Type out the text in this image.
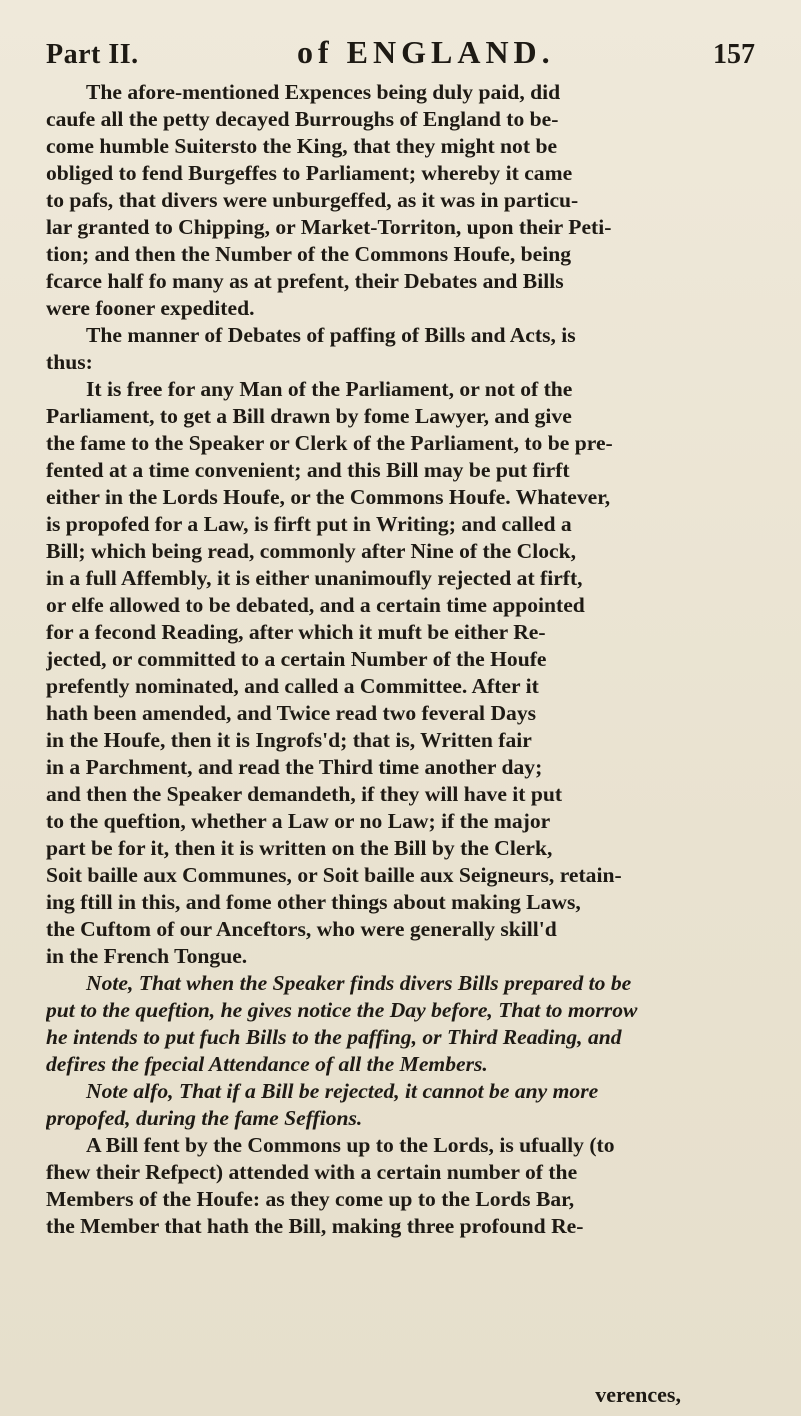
Part II.	of ENGLAND.	157
The afore-mentioned Expences being duly paid, did
caufe all the petty decayed Burroughs of England to be-
come humble Suitersto the King, that they might not be
obliged to fend Burgeffes to Parliament; whereby it came
to pafs, that divers were unburgeffed, as it was in particu-
lar granted to Chipping, or Market-Torriton, upon their Peti-
tion; and then the Number of the Commons Houfe, being
fcarce half fo many as at prefent, their Debates and Bills
were fooner expedited.
The manner of Debates of paffing of Bills and Acts, is
thus:
It is free for any Man of the Parliament, or not of the
Parliament, to get a Bill drawn by fome Lawyer, and give
the fame to the Speaker or Clerk of the Parliament, to be pre-
fented at a time convenient; and this Bill may be put firft
either in the Lords Houfe, or the Commons Houfe. Whatever,
is propofed for a Law, is firft put in Writing; and called a
Bill; which being read, commonly after Nine of the Clock,
in a full Affembly, it is either unanimoufly rejected at firft,
or elfe allowed to be debated, and a certain time appointed
for a fecond Reading, after which it muft be either Re-
jected, or committed to a certain Number of the Houfe
prefently nominated, and called a Committee. After it
hath been amended, and Twice read two feveral Days
in the Houfe, then it is Ingrofs'd; that is, Written fair
in a Parchment, and read the Third time another day;
and then the Speaker demandeth, if they will have it put
to the queftion, whether a Law or no Law; if the major
part be for it, then it is written on the Bill by the Clerk,
Soit baille aux Communes, or Soit baille aux Seigneurs, retain-
ing ftill in this, and fome other things about making Laws,
the Cuftom of our Anceftors, who were generally skill'd
in the French Tongue.
Note, That when the Speaker finds divers Bills prepared to be
put to the queftion, he gives notice the Day before, That to morrow
he intends to put fuch Bills to the paffing, or Third Reading, and
defires the fpecial Attendance of all the Members.
Note alfo, That if a Bill be rejected, it cannot be any more
propofed, during the fame Seffions.
A Bill fent by the Commons up to the Lords, is ufually (to
fhew their Refpect) attended with a certain number of the
Members of the Houfe: as they come up to the Lords Bar,
the Member that hath the Bill, making three profound Re-
verences,
